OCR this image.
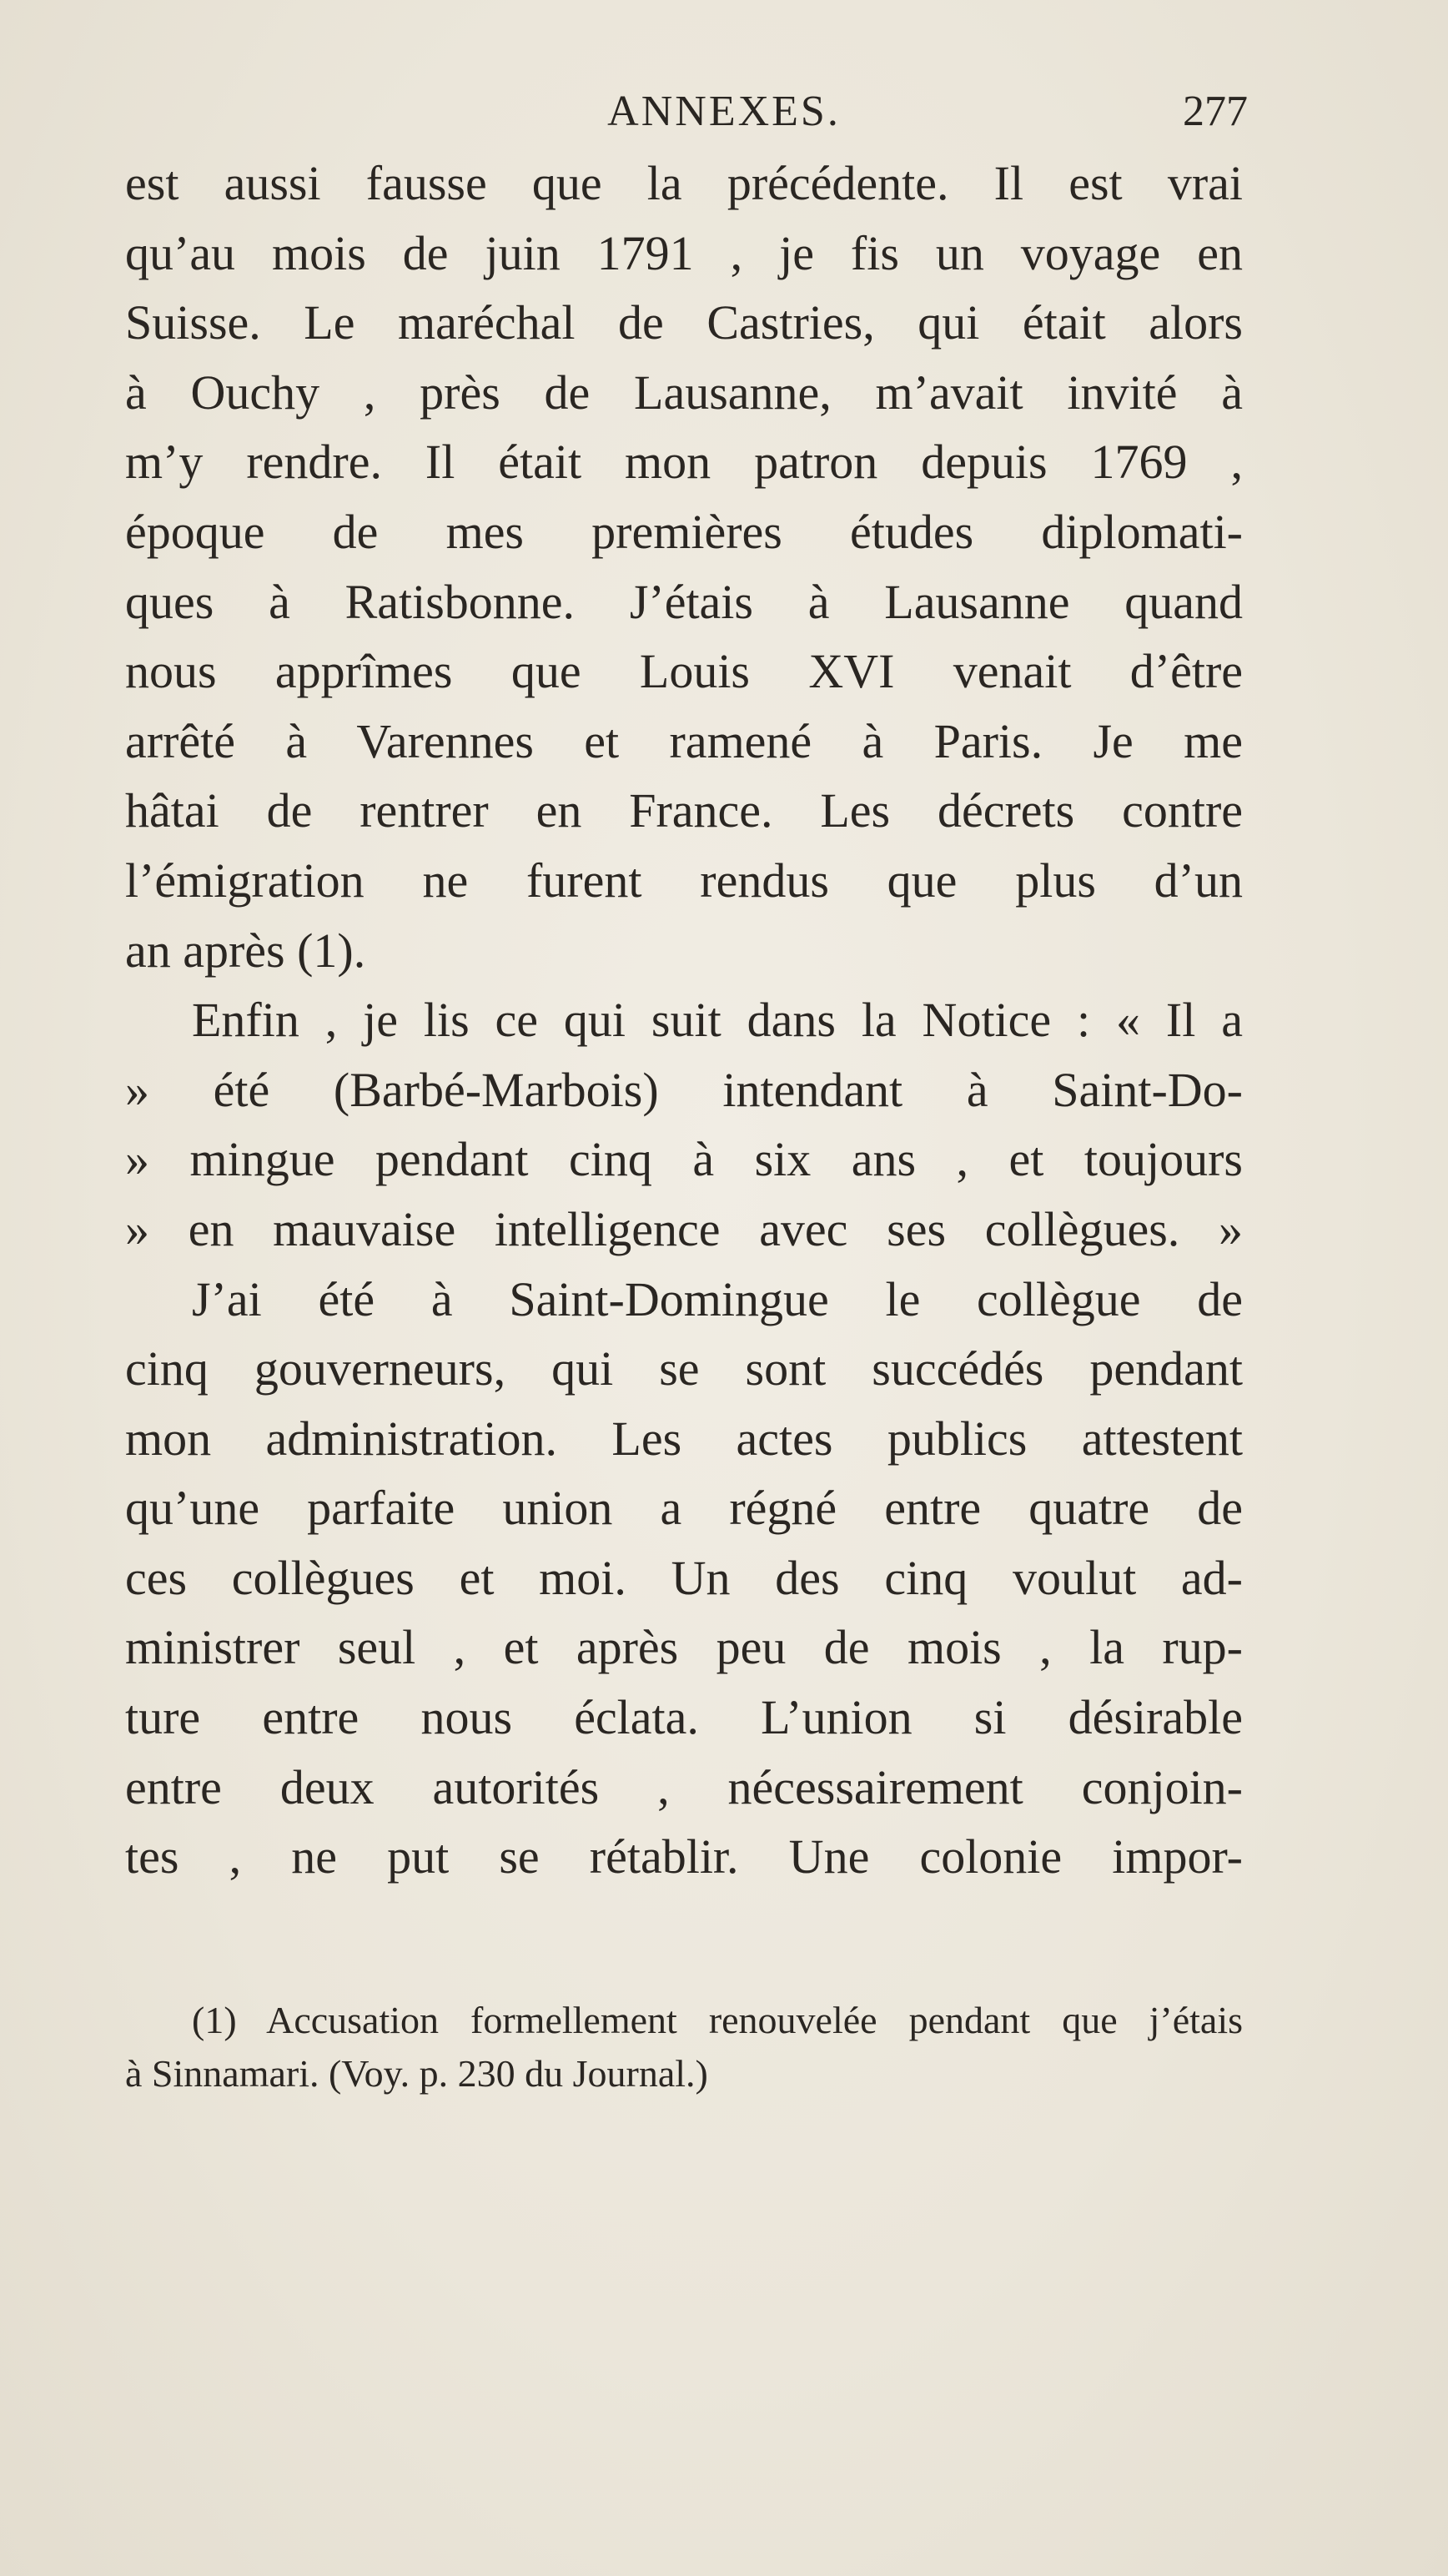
ANNEXES.	277
est aussi fausse que la précédente. Il est vrai
qu’au mois de juin 1791 , je fis un voyage en
Suisse. Le maréchal de Castries, qui était alors
à Ouchy , près de Lausanne, m’avait invité à
m’y rendre. Il était mon patron depuis 1769 ,
époque de mes premières études diplomati-
ques à Ratisbonne. J’étais à Lausanne quand
nous apprîmes que Louis XVI venait d’être
arrêté à Varennes et ramené à Paris. Je me
hâtai de rentrer en France. Les décrets contre
l’émigration ne furent rendus que plus d’un
an après (1).
Enfin , je lis ce qui suit dans la Notice : « Il a
» été (Barbé-Marbois) intendant à Saint-Do-
» mingue pendant cinq à six ans , et toujours
» en mauvaise intelligence avec ses collègues. »
J’ai été à Saint-Domingue le collègue de
cinq gouverneurs, qui se sont succédés pendant
mon administration. Les actes publics attestent
qu’une parfaite union a régné entre quatre de
ces collègues et moi. Un des cinq voulut ad-
ministrer seul , et après peu de mois , la rup-
ture entre nous éclata. L’union si désirable
entre deux autorités , nécessairement conjoin-
tes , ne put se rétablir. Une colonie impor-
(1) Accusation formellement renouvelée pendant que j’étais
à Sinnamari. (Voy. p. 230 du Journal.)
